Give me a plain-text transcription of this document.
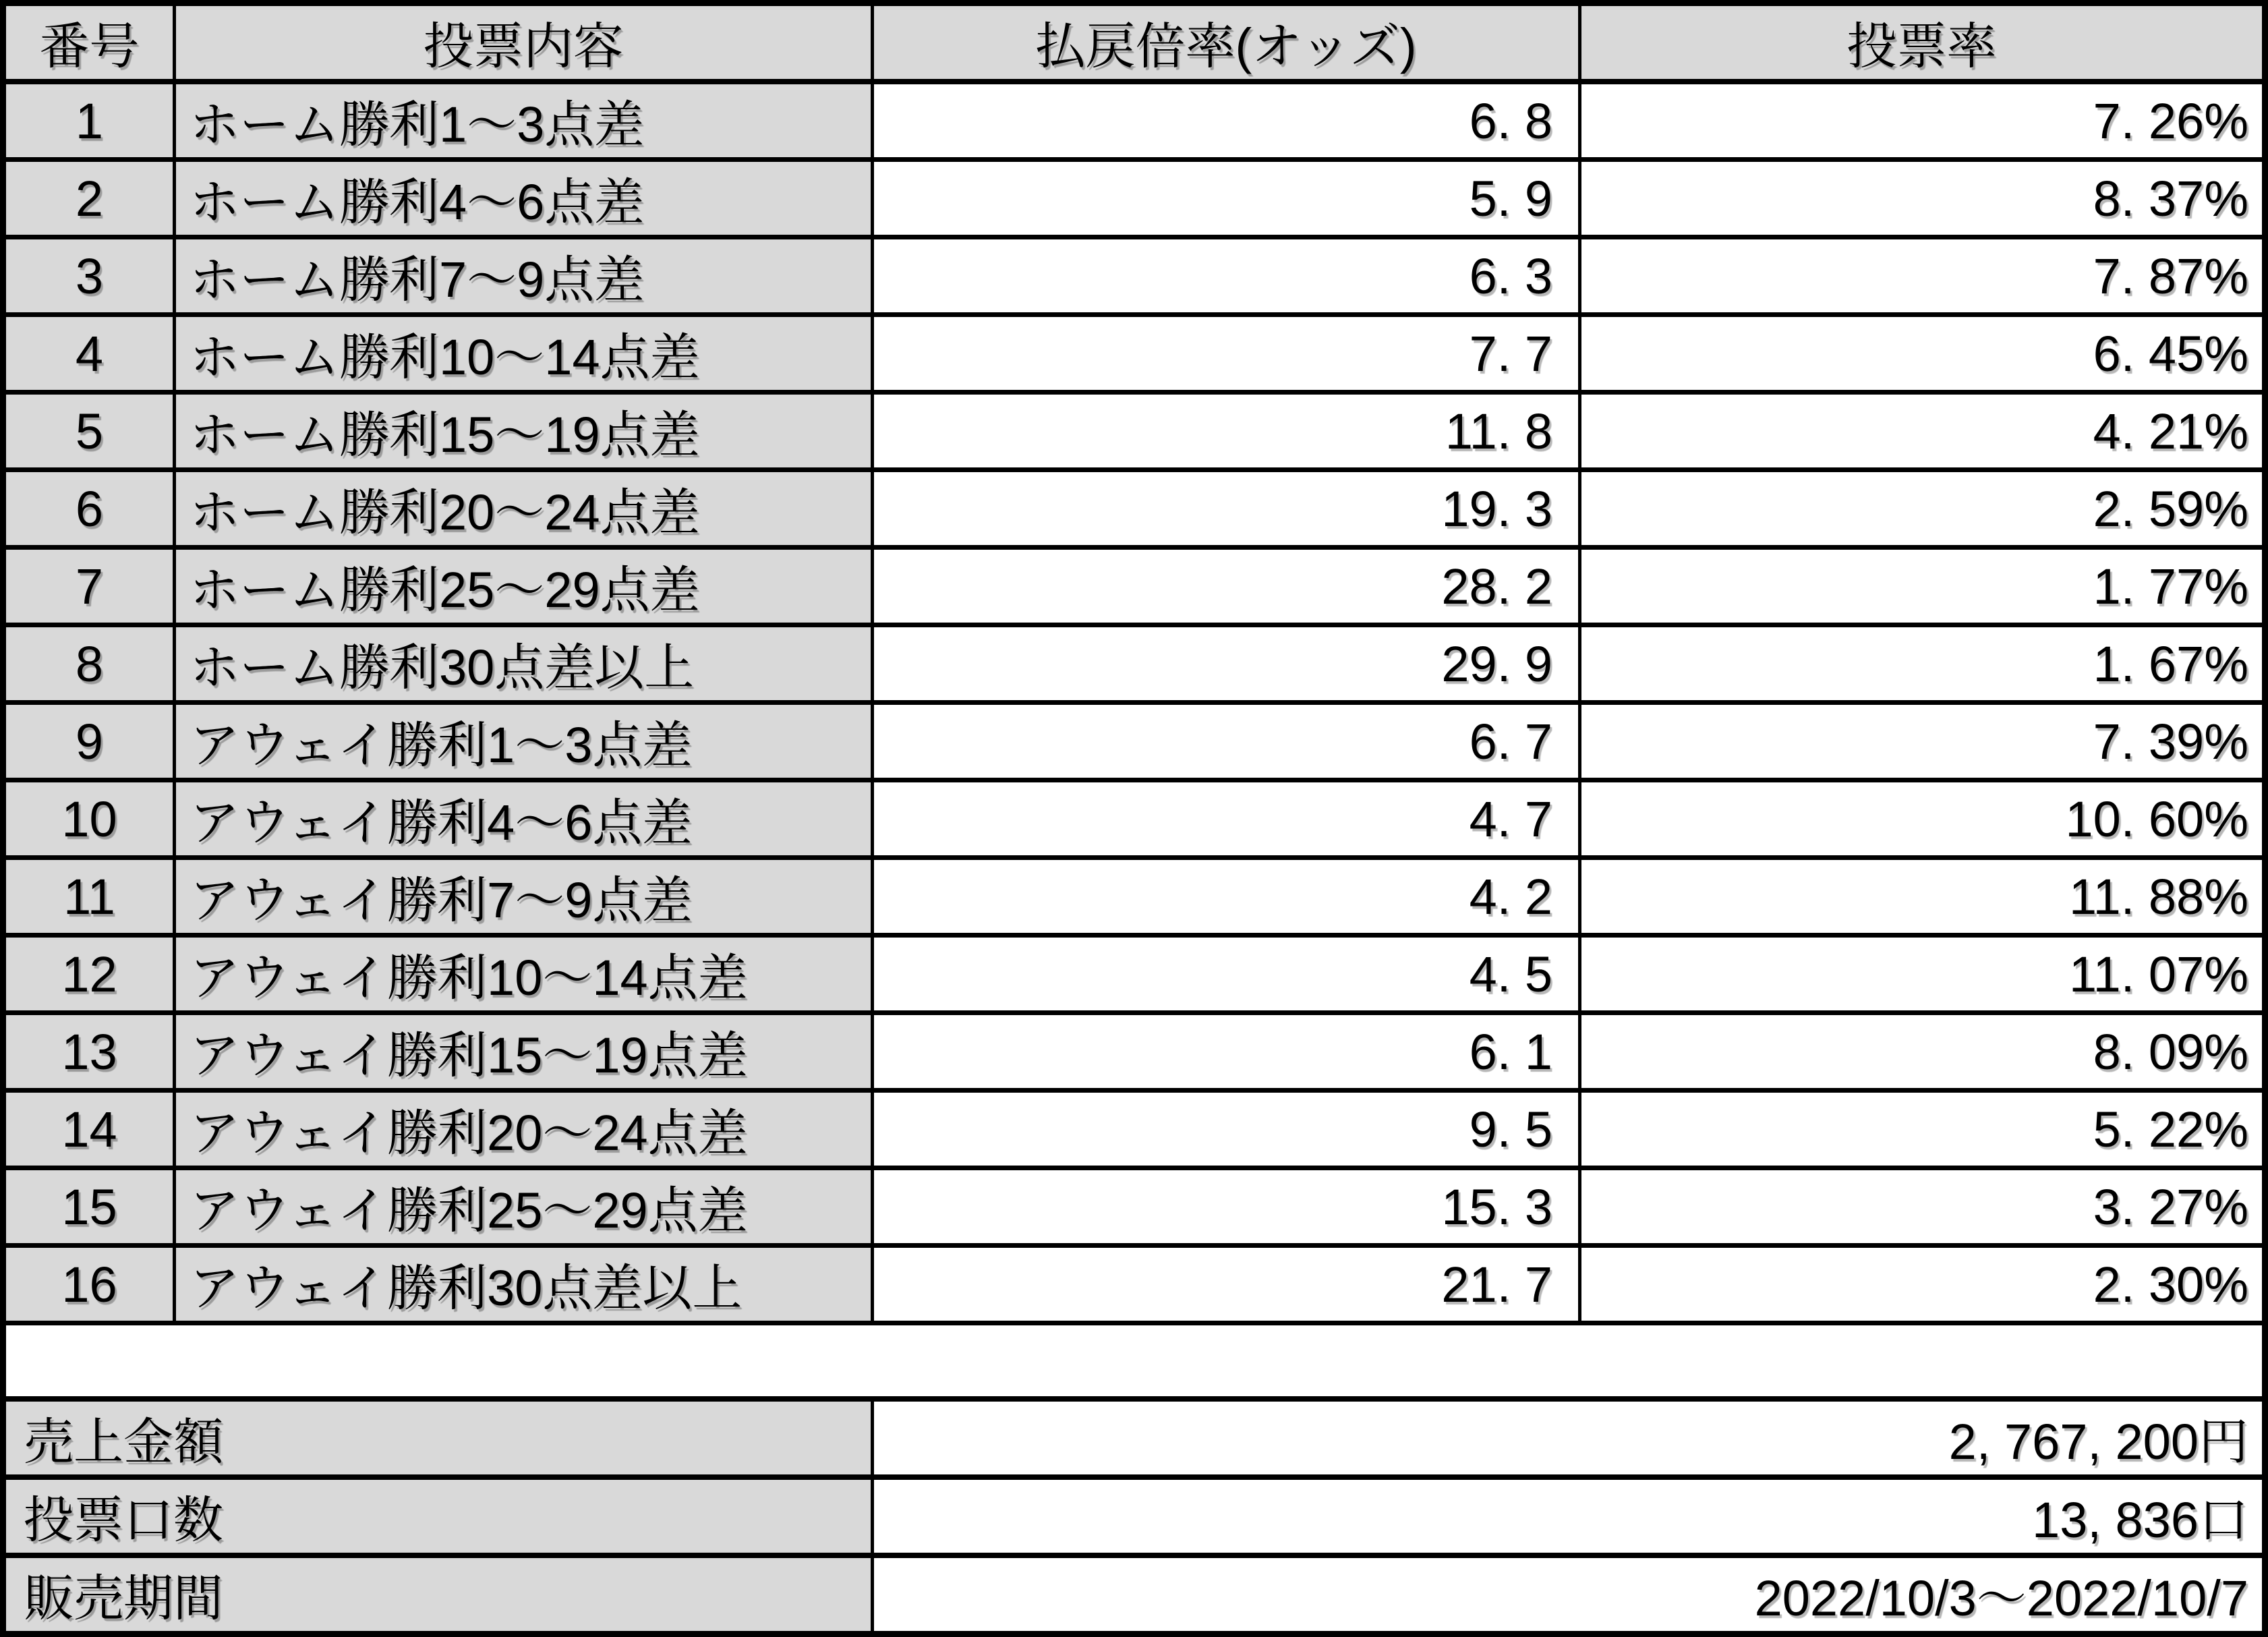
番号	投票内容	払戻倍率(オッズ)	投票率
1	ホーム勝利1～3点差	6. 8	7. 26%
2	ホーム勝利4～6点差	5. 9	8. 37%
3	ホーム勝利7～9点差	6. 3	7. 87%
4	ホーム勝利10～14点差	7. 7	6. 45%
5	ホーム勝利15～19点差	11. 8	4. 21%
6	ホーム勝利20～24点差	19. 3	2. 59%
7	ホーム勝利25～29点差	28. 2	1. 77%
8	ホーム勝利30点差以上	29. 9	1. 67%
9	アウェイ勝利1～3点差	6. 7	7. 39%
10	アウェイ勝利4～6点差	4. 7	10. 60%
11	アウェイ勝利7～9点差	4. 2	11. 88%
12	アウェイ勝利10～14点差	4. 5	11. 07%
13	アウェイ勝利15～19点差	6. 1	8. 09%
14	アウェイ勝利20～24点差	9. 5	5. 22%
15	アウェイ勝利25～29点差	15. 3	3. 27%
16	アウェイ勝利30点差以上	21. 7	2. 30%

売上金額		2, 767, 200円	
投票口数		13, 836口	
販売期間		2022/10/3～2022/10/7	
